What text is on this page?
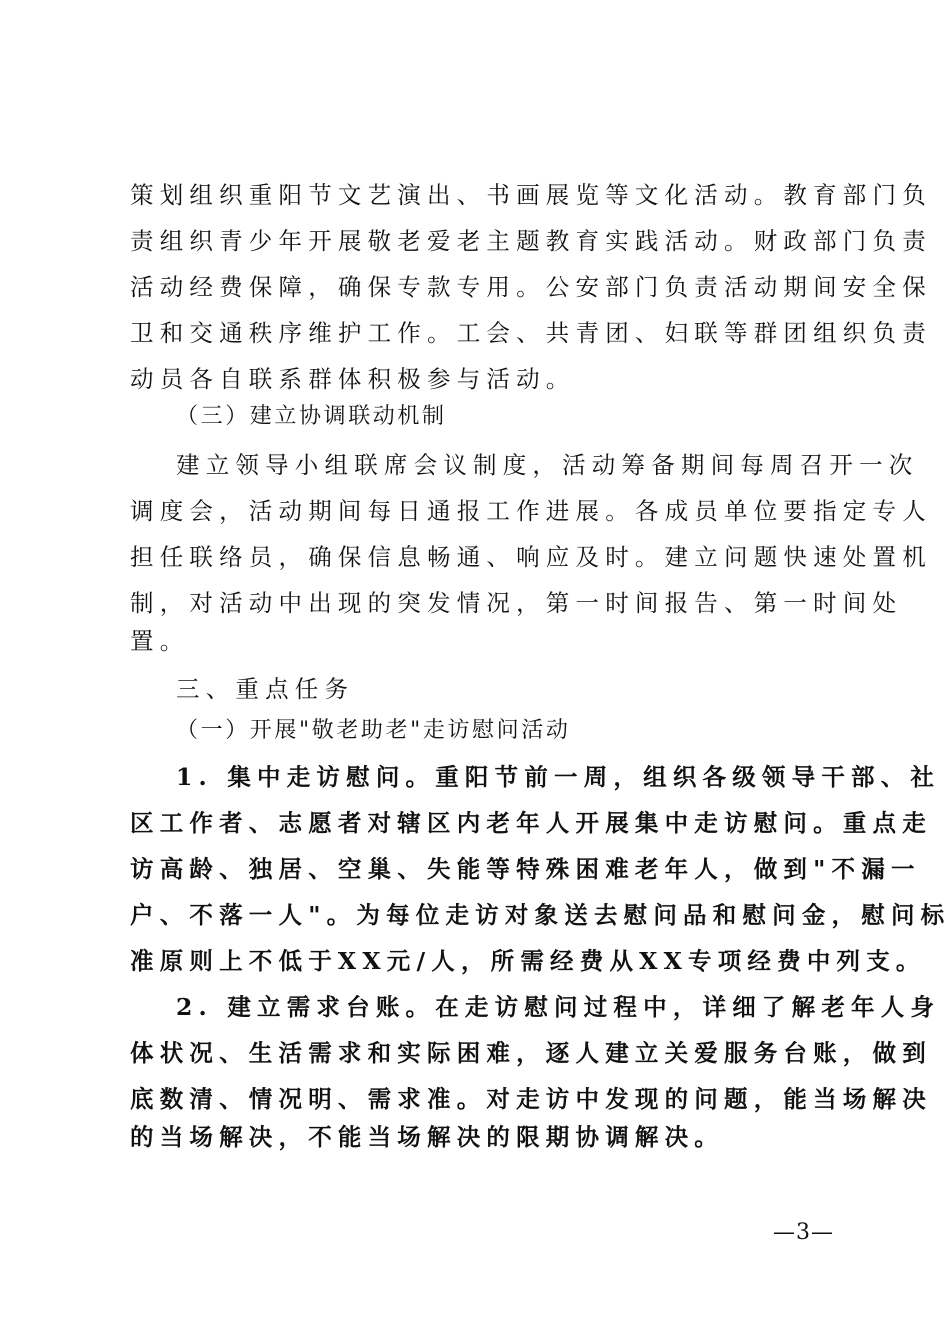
策划组织重阳节文艺演出、书画展览等文化活动。教育部门负
责组织青少年开展敬老爱老主题教育实践活动。财政部门负责
活动经费保障，确保专款专用。公安部门负责活动期间安全保
卫和交通秩序维护工作。工会、共青团、妇联等群团组织负责
动员各自联系群体积极参与活动。
（三）建立协调联动机制
建立领导小组联席会议制度，活动筹备期间每周召开一次
调度会，活动期间每日通报工作进展。各成员单位要指定专人
担任联络员，确保信息畅通、响应及时。建立问题快速处置机
制，对活动中出现的突发情况，第一时间报告、第一时间处
置。
三、重点任务
（一）开展"敬老助老"走访慰问活动
1. 集中走访慰问。重阳节前一周，组织各级领导干部、社
区工作者、志愿者对辖区内老年人开展集中走访慰问。重点走
访高龄、独居、空巢、失能等特殊困难老年人，做到"不漏一
户、不落一人"。为每位走访对象送去慰问品和慰问金，慰问标
准原则上不低于XX元/人，所需经费从XX专项经费中列支。
2. 建立需求台账。在走访慰问过程中，详细了解老年人身
体状况、生活需求和实际困难，逐人建立关爱服务台账，做到
底数清、情况明、需求准。对走访中发现的问题，能当场解决
的当场解决，不能当场解决的限期协调解决。
—3—
